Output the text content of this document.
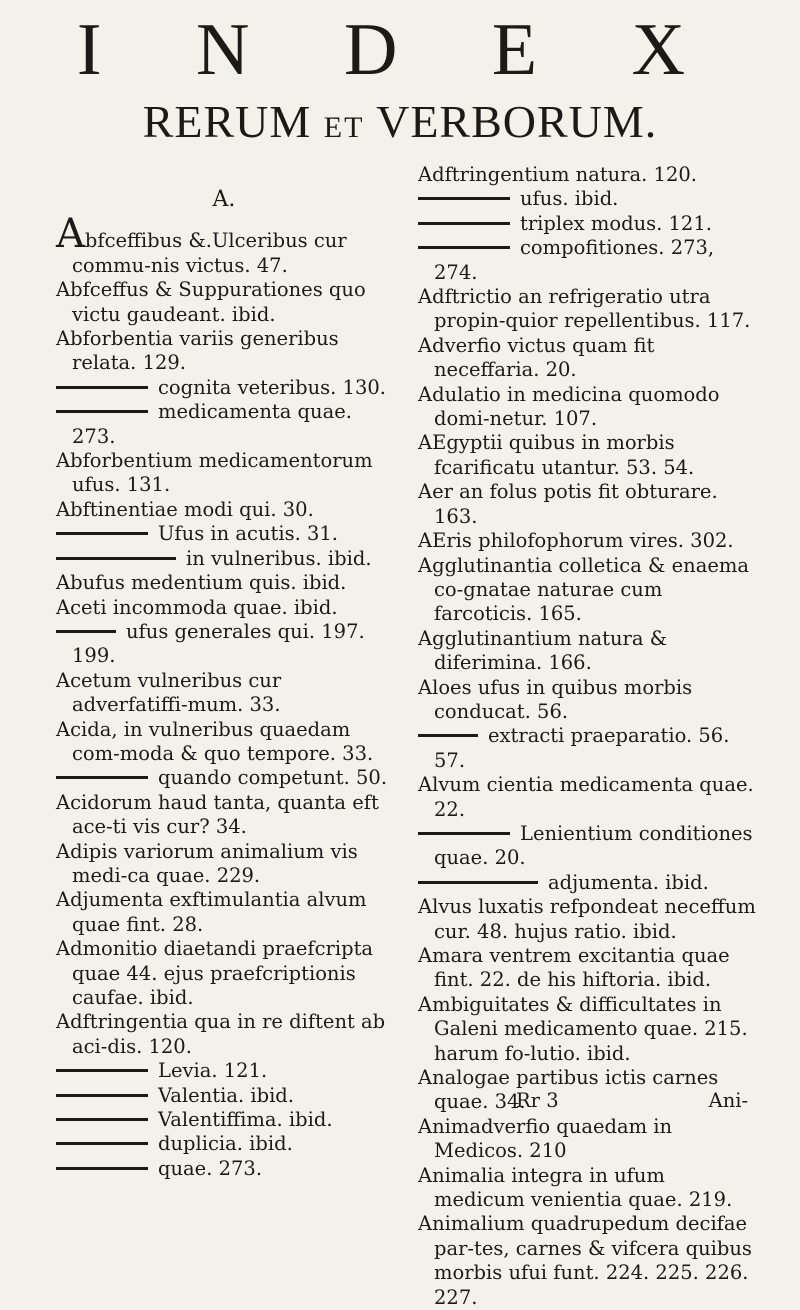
I N D E X
RERUM ET VERBORUM.
A.

Abfceffibus &.Ulceribus cur commu-nis victus. 47.

Abfceffus & Suppurationes quo victu gaudeant. ibid.

Abforbentia variis generibus relata. 129.

cognita veteribus. 130.

medicamenta quae. 273.

Abforbentium medicamentorum ufus. 131.

Abftinentiae modi qui. 30.

Ufus in acutis. 31.

in vulneribus. ibid.

Abufus medentium quis. ibid.

Aceti incommoda quae. ibid.

ufus generales qui. 197. 199.

Acetum vulneribus cur adverfatiffi-mum. 33.

Acida, in vulneribus quaedam com-moda & quo tempore. 33.

quando competunt. 50.

Acidorum haud tanta, quanta eft ace-ti vis cur? 34.

Adipis variorum animalium vis medi-ca quae. 229.

Adjumenta exftimulantia alvum quae fint. 28.

Admonitio diaetandi praefcripta quae 44. ejus praefcriptionis caufae. ibid.

Adftringentia qua in re diftent ab aci-dis. 120.

Levia. 121.

Valentia. ibid.

Valentiffima. ibid.

duplicia. ibid.

quae. 273.

Adftringentium natura. 120.

ufus. ibid.

triplex modus. 121.

compofitiones. 273, 274.

Adftrictio an refrigeratio utra propin-quior repellentibus. 117.

Adverfio victus quam fit neceffaria. 20.

Adulatio in medicina quomodo domi-netur. 107.

AEgyptii quibus in morbis fcarificatu utantur. 53. 54.

Aer an folus potis fit obturare. 163.

AEris philofophorum vires. 302.

Agglutinantia colletica & enaema co-gnatae naturae cum farcoticis. 165.

Agglutinantium natura & diferimina. 166.

Aloes ufus in quibus morbis conducat. 56.

extracti praeparatio. 56. 57.

Alvum cientia medicamenta quae. 22.

Lenientium conditiones quae. 20.

adjumenta. ibid.

Alvus luxatis refpondeat neceffum cur. 48. hujus ratio. ibid.

Amara ventrem excitantia quae fint. 22. de his hiftoria. ibid.

Ambiguitates & difficultates in Galeni medicamento quae. 215. harum fo-lutio. ibid.

Analogae partibus ictis carnes quae. 34.

Animadverfio quaedam in Medicos. 210

Animalia integra in ufum medicum venientia quae. 219.

Animalium quadrupedum decifae par-tes, carnes & vifcera quibus morbis ufui funt. 224. 225. 226. 227.

Rr 3	Ani-
